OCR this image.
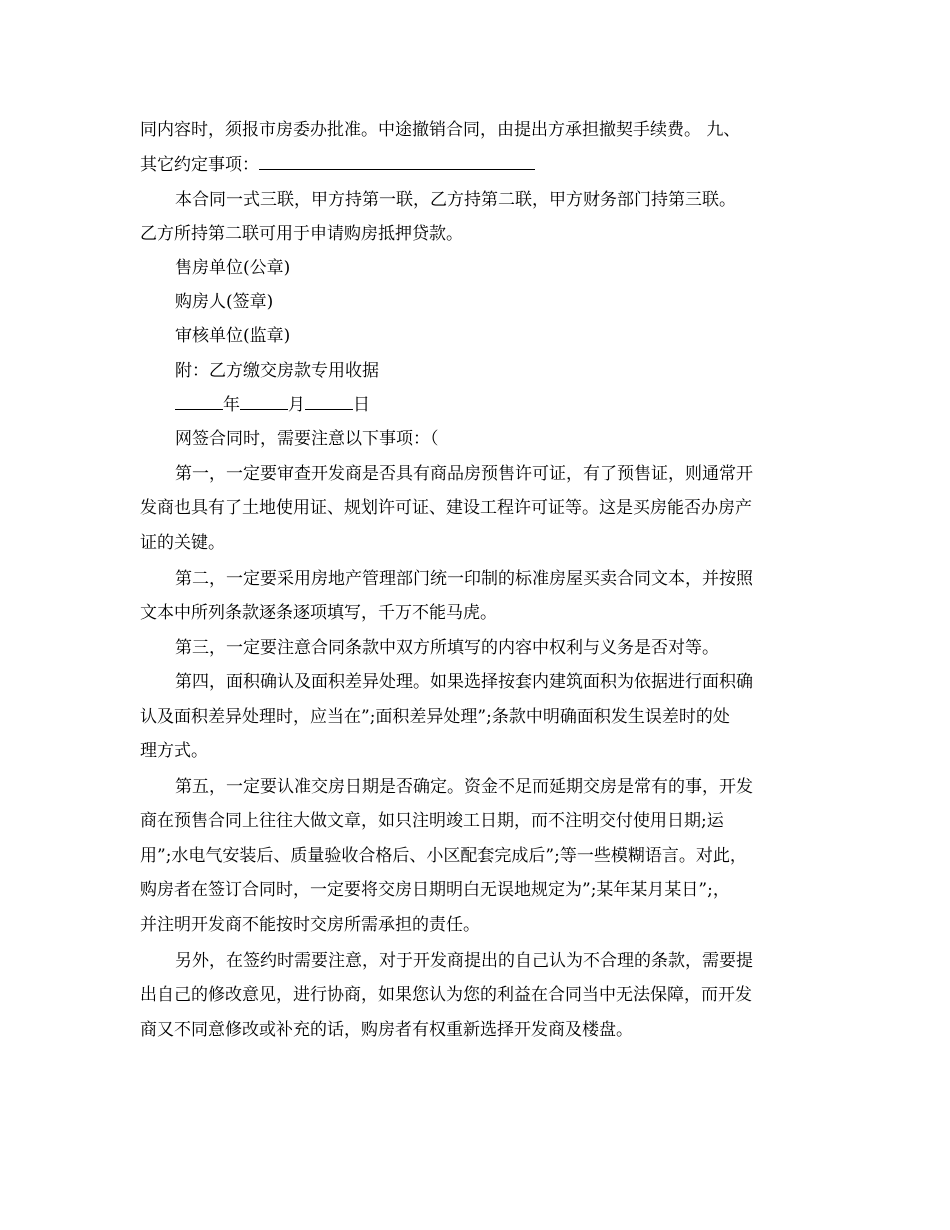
同内容时，须报市房委办批准。中途撤销合同，由提出方承担撤契手续费。 九、

其它约定事项：

本合同一式三联，甲方持第一联，乙方持第二联，甲方财务部门持第三联。

乙方所持第二联可用于申请购房抵押贷款。

售房单位(公章)

购房人(签章)

审核单位(监章)

附：乙方缴交房款专用收据

年	月	日

网签合同时，需要注意以下事项：（

第一，一定要审查开发商是否具有商品房预售许可证，有了预售证，则通常开

发商也具有了土地使用证、规划许可证、建设工程许可证等。这是买房能否办房产

证的关键。

第二，一定要采用房地产管理部门统一印制的标准房屋买卖合同文本，并按照

文本中所列条款逐条逐项填写，千万不能马虎。

第三，一定要注意合同条款中双方所填写的内容中权利与义务是否对等。

第四，面积确认及面积差异处理。如果选择按套内建筑面积为依据进行面积确

认及面积差异处理时，应当在”;面积差异处理”;条款中明确面积发生误差时的处

理方式。

第五，一定要认准交房日期是否确定。资金不足而延期交房是常有的事，开发

商在预售合同上往往大做文章，如只注明竣工日期，而不注明交付使用日期;运

用”;水电气安装后、质量验收合格后、小区配套完成后”;等一些模糊语言。对此，

购房者在签订合同时，一定要将交房日期明白无误地规定为”;某年某月某日”;，

并注明开发商不能按时交房所需承担的责任。

另外，在签约时需要注意，对于开发商提出的自己认为不合理的条款，需要提

出自己的修改意见，进行协商，如果您认为您的利益在合同当中无法保障，而开发

商又不同意修改或补充的话，购房者有权重新选择开发商及楼盘。
